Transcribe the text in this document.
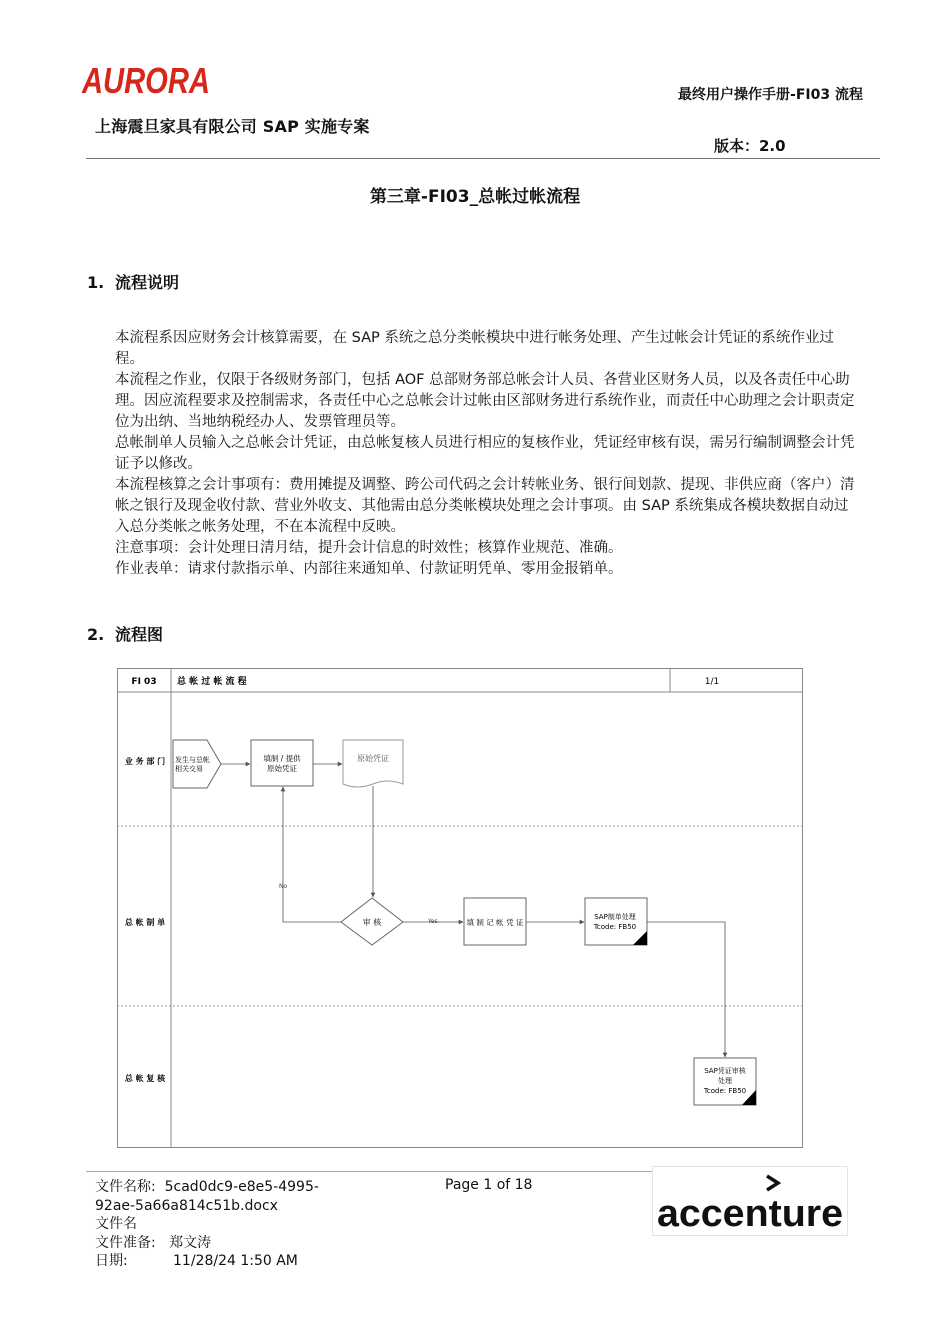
AURORA
上海震旦家具有限公司 SAP 实施专案
最终用户操作手册-FI03 流程
版本：2.0
第三章-FI03_总帐过帐流程
1. 流程说明

本流程系因应财务会计核算需要，在 SAP 系统之总分类帐模块中进行帐务处理、产生过帐会计凭证的系统作业过程。

本流程之作业，仅限于各级财务部门，包括 AOF 总部财务部总帐会计人员、各营业区财务人员，以及各责任中心助理。因应流程要求及控制需求，各责任中心之总帐会计过帐由区部财务进行系统作业，而责任中心助理之会计职责定位为出纳、当地纳税经办人、发票管理员等。

总帐制单人员输入之总帐会计凭证，由总帐复核人员进行相应的复核作业，凭证经审核有误，需另行编制调整会计凭证予以修改。

本流程核算之会计事项有：费用摊提及调整、跨公司代码之会计转帐业务、银行间划款、提现、非供应商（客户）清帐之银行及现金收付款、营业外收支、其他需由总分类帐模块处理之会计事项。由 SAP 系统集成各模块数据自动过入总分类帐之帐务处理，不在本流程中反映。

注意事项：会计处理日清月结，提升会计信息的时效性；核算作业规范、准确。

作业表单：请求付款指示单、内部往来通知单、付款证明凭单、零用金报销单。

2. 流程图
FI 03 总 帐 过 帐 流 程	1/1
业 务 部 门
总 帐 制 单
总 帐 复 核
发生与总帐
相关交易
填制 / 提供
原始凭证
原始凭证
审 核	填 制 记 帐 凭 证
SAP制单处理
Tcode: FB50
SAP凭证审核
处理
Tcode: FB50
No
Yes
文件名称: 5cad0dc9-e8e5-4995-
92ae-5a66a814c51b.docx
文件名
文件准备: 郑文涛
日期:	11/28/24 1:50 AM
Page 1 of 18
accenture
